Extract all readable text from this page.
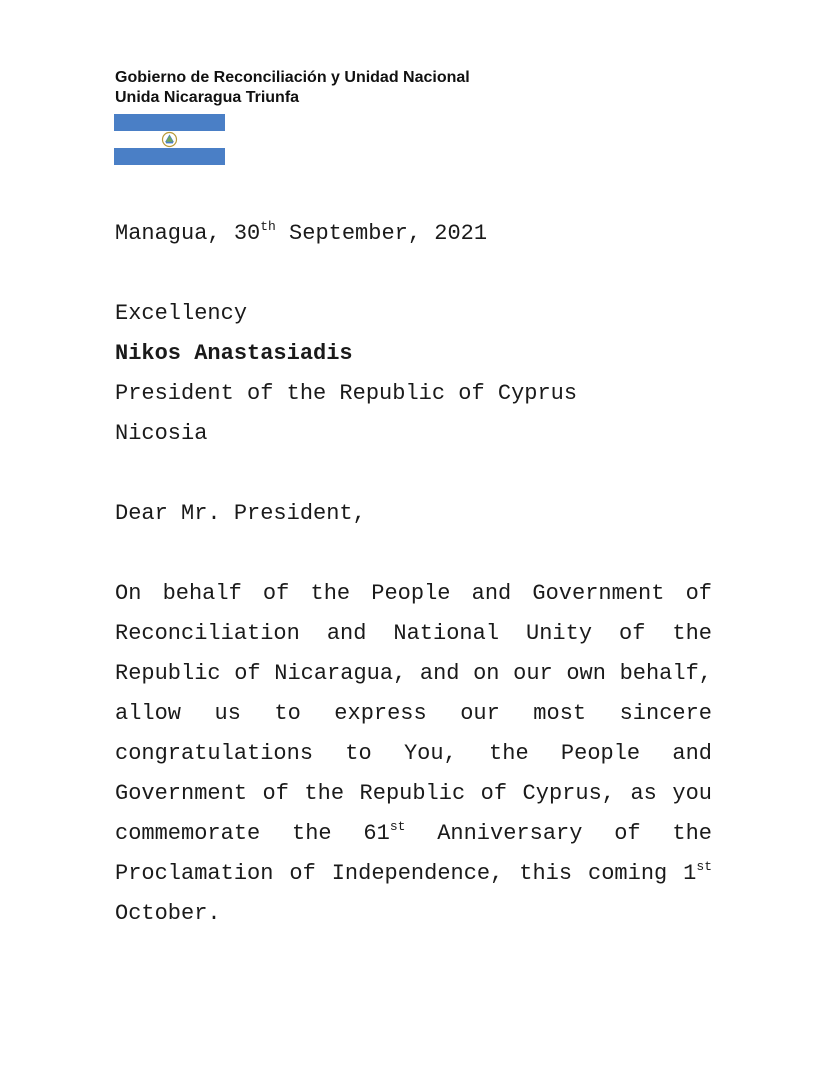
Gobierno de Reconciliación y Unidad Nacional
Unida Nicaragua Triunfa

Managua, 30th September, 2021

Excellency

Nikos Anastasiadis

President of the Republic of Cyprus

Nicosia

Dear Mr. President,

On behalf of the People and Government of Reconciliation and National Unity of the Republic of Nicaragua, and on our own behalf, allow us to express our most sincere congratulations to You, the People and Government of the Republic of Cyprus, as you commemorate the 61st Anniversary of the Proclamation of Independence, this coming 1st October.
